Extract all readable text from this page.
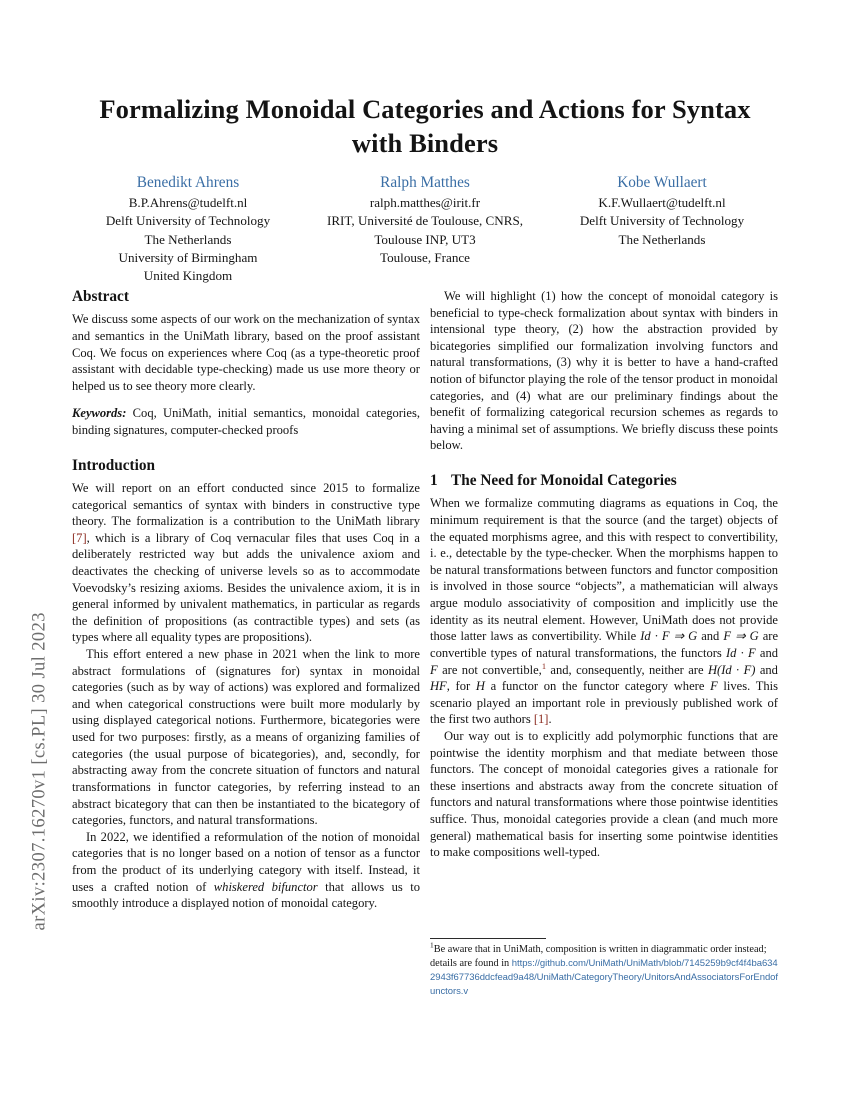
arXiv:2307.16270v1 [cs.PL] 30 Jul 2023
Formalizing Monoidal Categories and Actions for Syntax with Binders
Benedikt Ahrens
B.P.Ahrens@tudelft.nl
Delft University of Technology
The Netherlands
University of Birmingham
United Kingdom
Ralph Matthes
ralph.matthes@irit.fr
IRIT, Université de Toulouse, CNRS,
Toulouse INP, UT3
Toulouse, France
Kobe Wullaert
K.F.Wullaert@tudelft.nl
Delft University of Technology
The Netherlands
Abstract

We discuss some aspects of our work on the mechanization of syntax and semantics in the UniMath library, based on the proof assistant Coq. We focus on experiences where Coq (as a type-theoretic proof assistant with decidable type-checking) made us use more theory or helped us to see theory more clearly.

Keywords: Coq, UniMath, initial semantics, monoidal categories, binding signatures, computer-checked proofs

Introduction

We will report on an effort conducted since 2015 to formalize categorical semantics of syntax with binders in constructive type theory. The formalization is a contribution to the UniMath library [7], which is a library of Coq vernacular files that uses Coq in a deliberately restricted way but adds the univalence axiom and deactivates the checking of universe levels so as to accommodate Voevodsky’s resizing axioms. Besides the univalence axiom, it is in general informed by univalent mathematics, in particular as regards the definition of propositions (as contractible types) and sets (as types where all equality types are propositions).

This effort entered a new phase in 2021 when the link to more abstract formulations of (signatures for) syntax in monoidal categories (such as by way of actions) was explored and formalized and when categorical constructions were built more modularly by using displayed categorical notions. Furthermore, bicategories were used for two purposes: firstly, as a means of organizing families of categories (the usual purpose of bicategories), and, secondly, for abstracting away from the concrete situation of functors and natural transformations in functor categories, by referring instead to an abstract bicategory that can then be instantiated to the bicategory of categories, functors, and natural transformations.

In 2022, we identified a reformulation of the notion of monoidal categories that is no longer based on a notion of tensor as a functor from the product of its underlying category with itself. Instead, it uses a crafted notion of whiskered bifunctor that allows us to smoothly introduce a displayed notion of monoidal category.

We will highlight (1) how the concept of monoidal category is beneficial to type-check formalization about syntax with binders in intensional type theory, (2) how the abstraction provided by bicategories simplified our formalization involving functors and natural transformations, (3) why it is better to have a hand-crafted notion of bifunctor playing the role of the tensor product in monoidal categories, and (4) what are our preliminary findings about the benefit of formalizing categorical recursion schemes as regards to having a minimal set of assumptions. We briefly discuss these points below.

1 The Need for Monoidal Categories

When we formalize commuting diagrams as equations in Coq, the minimum requirement is that the source (and the target) objects of the equated morphisms agree, and this with respect to convertibility, i. e., detectable by the type-checker. When the morphisms happen to be natural transformations between functors and functor composition is involved in those source “objects”, a mathematician will always argue modulo associativity of composition and implicitly use the identity as its neutral element. However, UniMath does not provide those latter laws as convertibility. While Id · F ⇒ G and F ⇒ G are convertible types of natural transformations, the functors Id · F and F are not convertible,$^1$ and, consequently, neither are H(Id · F) and HF, for H a functor on the functor category where F lives. This scenario played an important role in previously published work of the first two authors [1].

Our way out is to explicitly add polymorphic functions that are pointwise the identity morphism and that mediate between those functors. The concept of monoidal categories gives a rationale for these insertions and abstracts away from the concrete situation of functors and natural transformations where those pointwise identities suffice. Thus, monoidal categories provide a clean (and much more general) mathematical basis for inserting some pointwise identities to make compositions well-typed.

$^1$Be aware that in UniMath, composition is written in diagrammatic order instead; details are found in https://github.com/UniMath/UniMath/blob/7145259b9cf4f4ba6342943f67736ddcfead9a48/UniMath/CategoryTheory/UnitorsAndAssociatorsForEndofunctors.v
